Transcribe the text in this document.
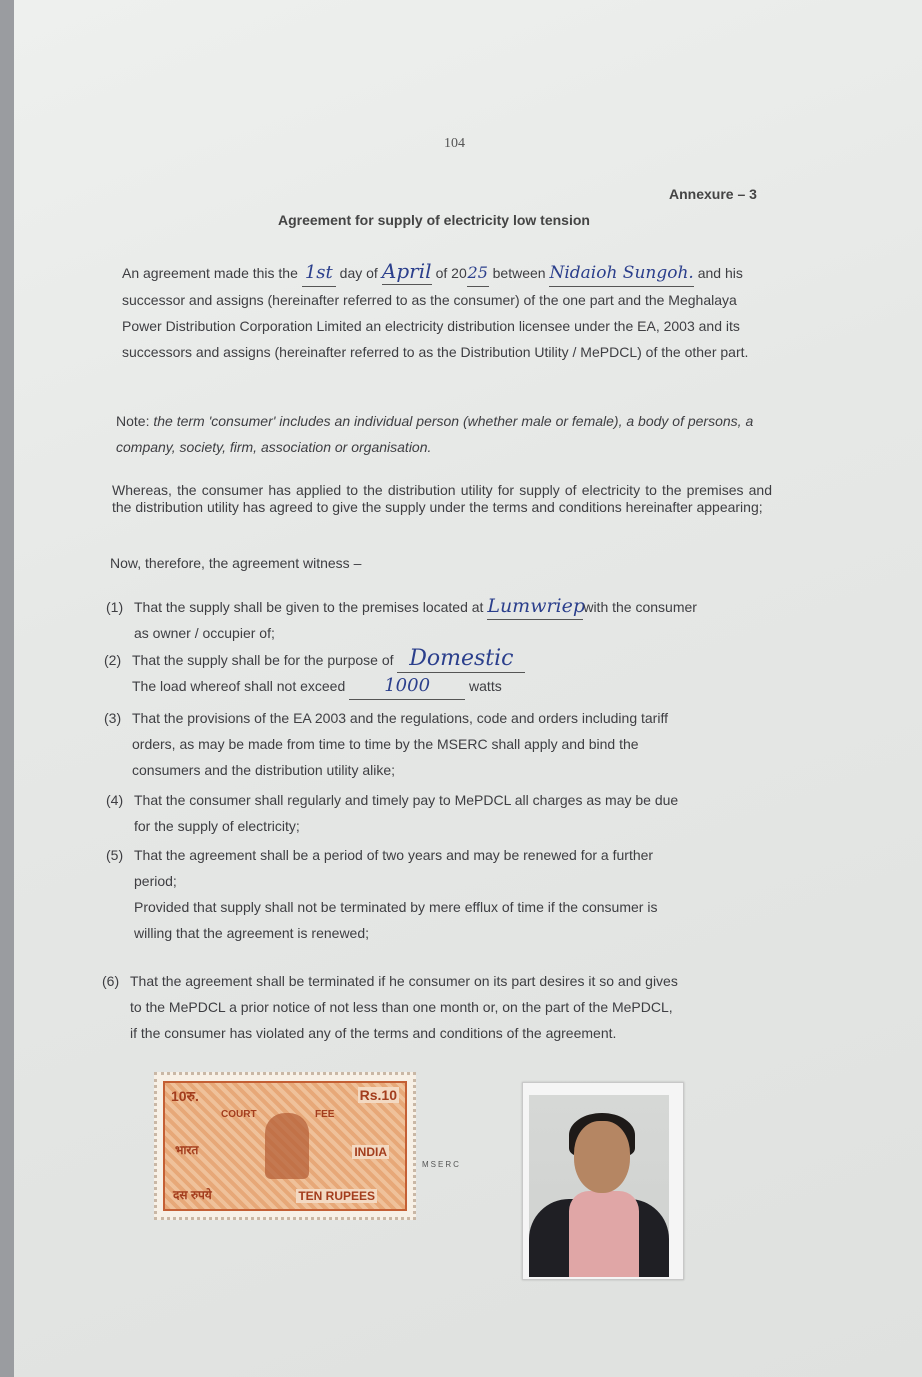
104
Annexure – 3
Agreement for supply of electricity low tension
An agreement made this the 1st day of April of 2025 between Nidaioh Sungoh. and his successor and assigns (hereinafter referred to as the consumer) of the one part and the Meghalaya Power Distribution Corporation Limited an electricity distribution licensee under the EA, 2003 and its successors and assigns (hereinafter referred to as the Distribution Utility / MePDCL) of the other part.
Note: the term 'consumer' includes an individual person (whether male or female), a body of persons, a company, society, firm, association or organisation.
Whereas, the consumer has applied to the distribution utility for supply of electricity to the premises and the distribution utility has agreed to give the supply under the terms and conditions hereinafter appearing;
Now, therefore, the agreement witness –
(1) That the supply shall be given to the premises located at Lumwriepwith the consumer
as owner / occupier of;
(2) That the supply shall be for the purpose of Domestic
The load whereof shall not exceed 1000	watts
(3) That the provisions of the EA 2003 and the regulations, code and orders including tariff
orders, as may be made from time to time by the MSERC shall apply and bind the
consumers and the distribution utility alike;
(4) That the consumer shall regularly and timely pay to MePDCL all charges as may be due
for the supply of electricity;
(5) That the agreement shall be a period of two years and may be renewed for a further
period;
Provided that supply shall not be terminated by mere efflux of time if the consumer is
willing that the agreement is renewed;
(6) That the agreement shall be terminated if he consumer on its part desires it so and gives
to the MePDCL a prior notice of not less than one month or, on the part of the MePDCL,
if the consumer has violated any of the terms and conditions of the agreement.
10रु.	Rs.10
COURT	FEE
भारत	INDIA
दस रुपये	TEN RUPEES
MSERC
